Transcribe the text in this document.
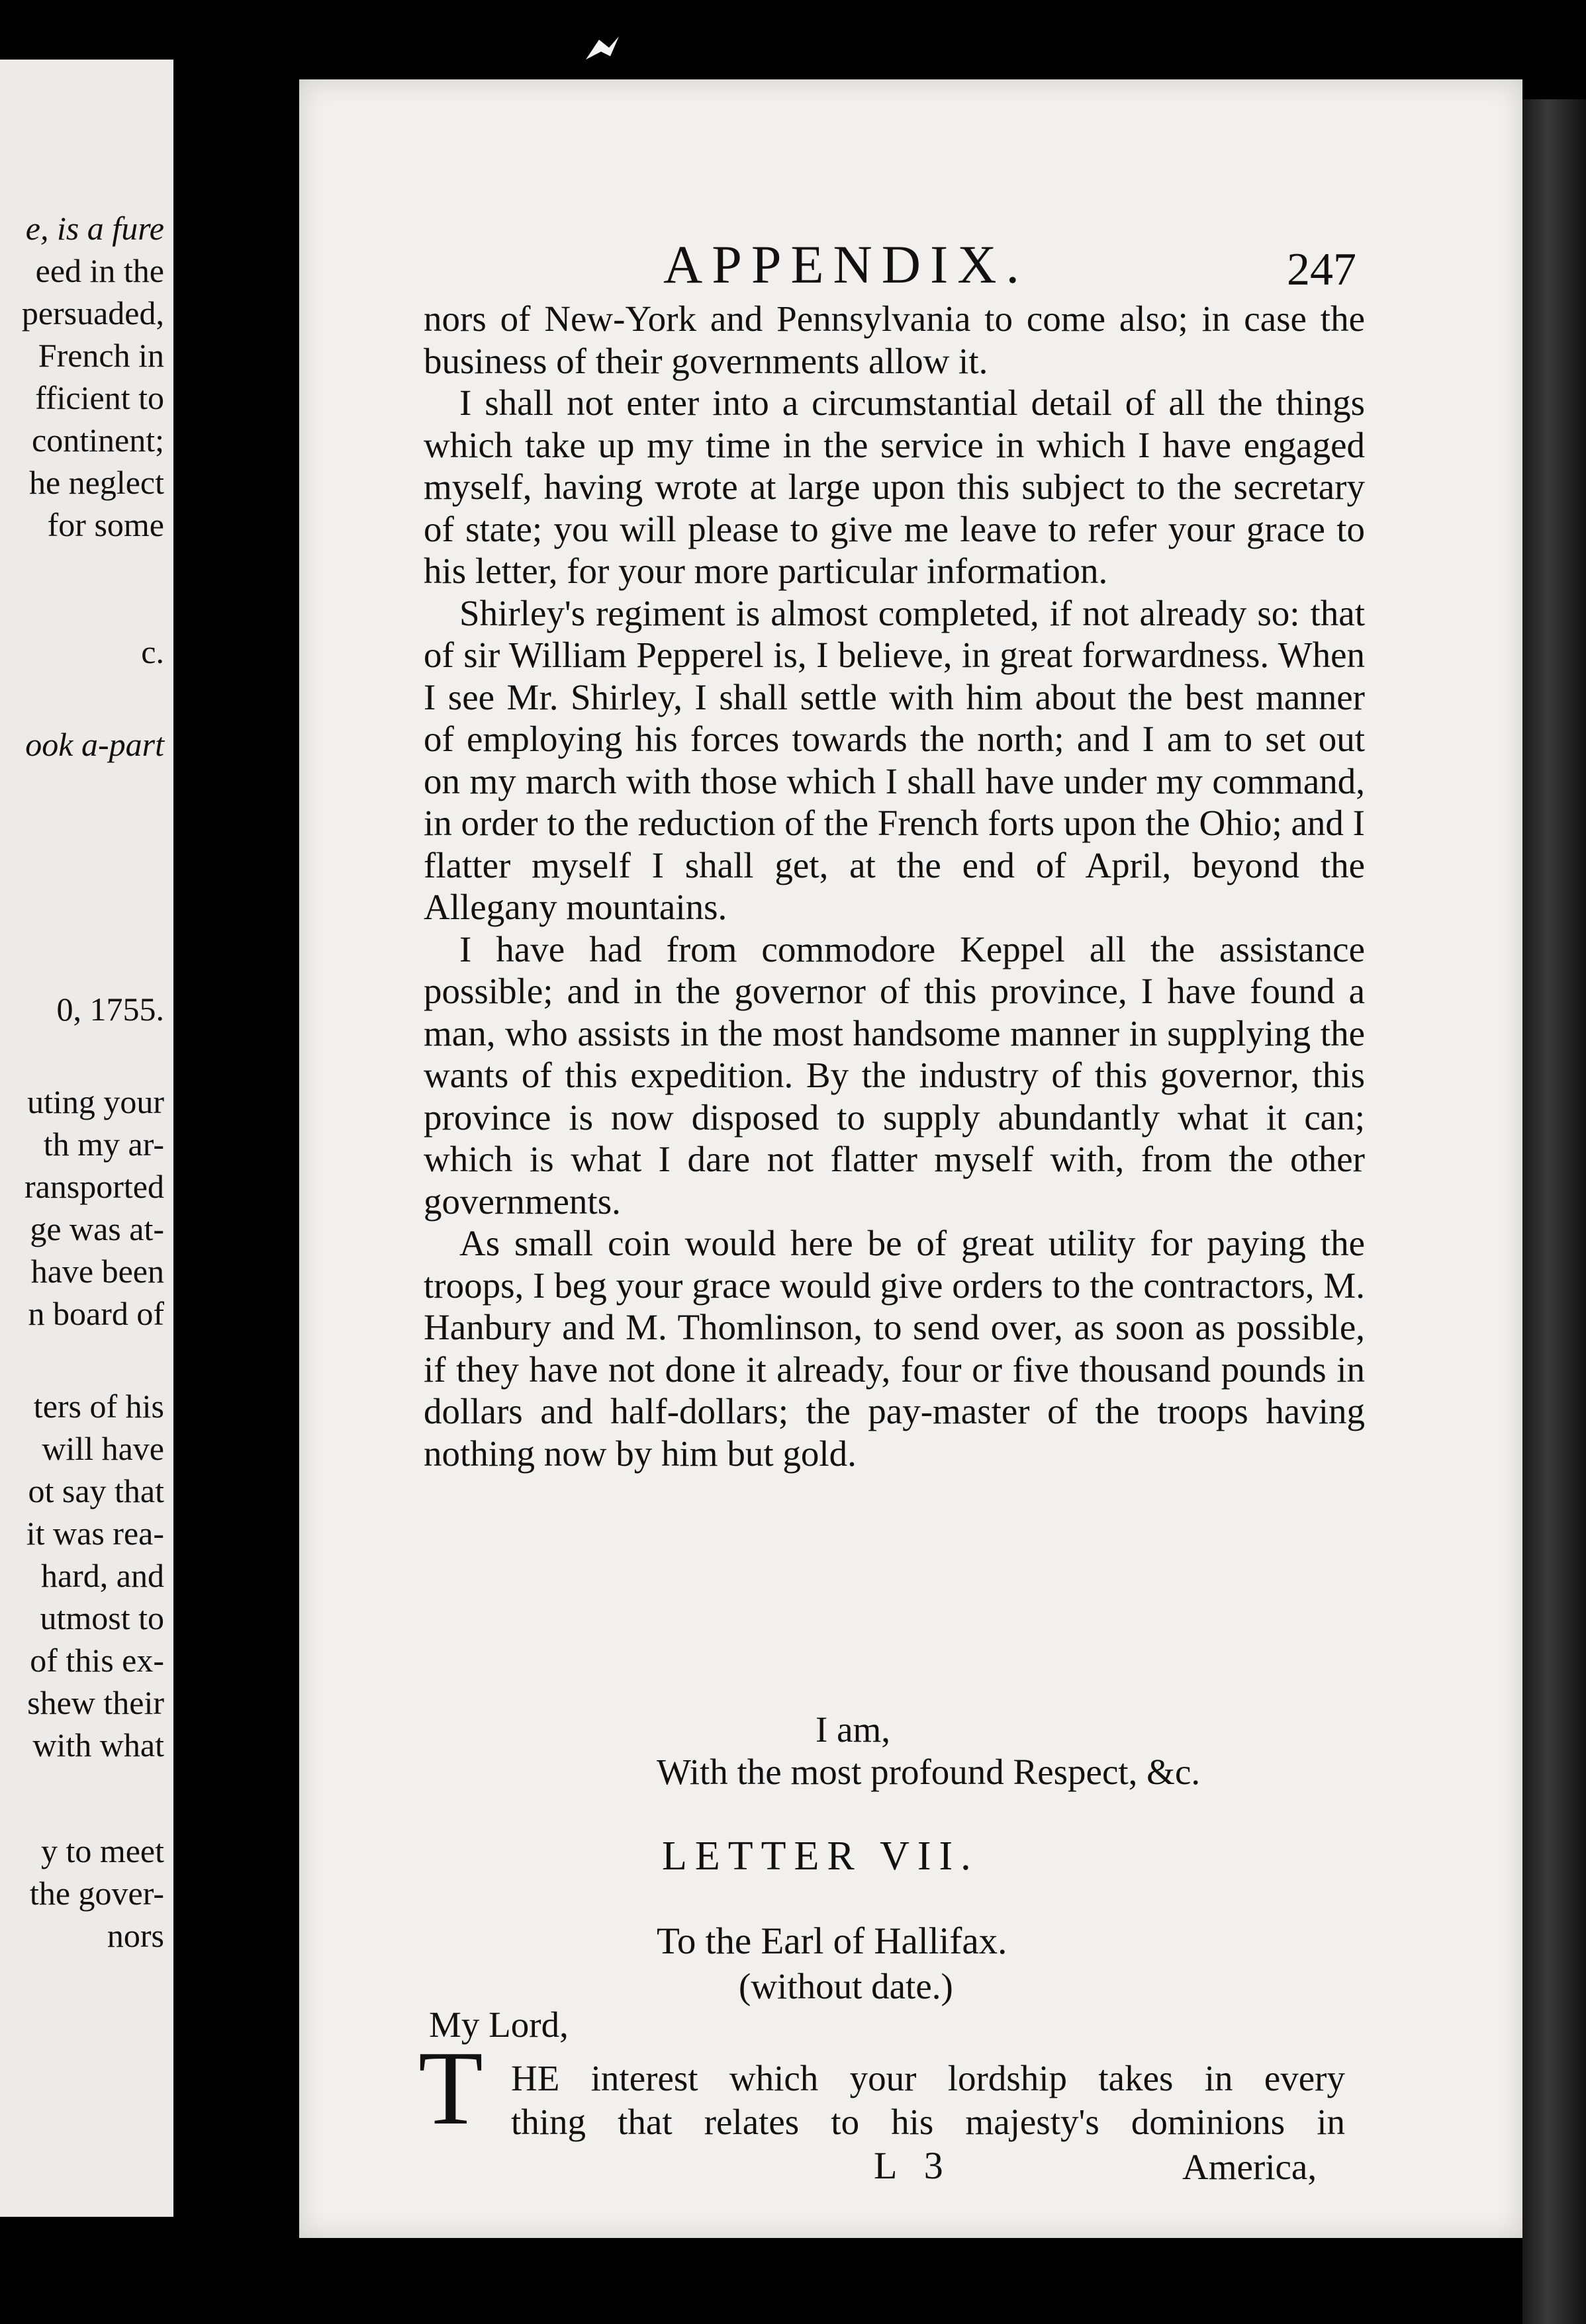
e, is a fure
eed in the
persuaded,
French in
fficient to
continent;
he neglect
for some
c.
ook a-part
0, 1755.
uting your
th my ar-
ransported
ge was at-
have been
n board of
ters of his
will have
ot say that
it was rea-
hard, and
utmost to
of this ex-
shew their
with what
y to meet
the gover-
nors
APPENDIX.	247

nors of New-York and Pennsylvania to come also; in case the business of their governments allow it.

I shall not enter into a circumstantial detail of all the things which take up my time in the service in which I have engaged myself, having wrote at large upon this subject to the secretary of state; you will please to give me leave to refer your grace to his letter, for your more particular information.

Shirley's regiment is almost completed, if not already so: that of sir William Pepperel is, I believe, in great forwardness. When I see Mr. Shirley, I shall settle with him about the best manner of employing his forces towards the north; and I am to set out on my march with those which I shall have under my command, in order to the reduction of the French forts upon the Ohio; and I flatter myself I shall get, at the end of April, beyond the Allegany mountains.

I have had from commodore Keppel all the assistance possible; and in the governor of this province, I have found a man, who assists in the most handsome manner in supplying the wants of this expedition. By the industry of this governor, this province is now disposed to supply abundantly what it can; which is what I dare not flatter myself with, from the other governments.

As small coin would here be of great utility for paying the troops, I beg your grace would give orders to the contractors, M. Hanbury and M. Thomlinson, to send over, as soon as possible, if they have not done it already, four or five thousand pounds in dollars and half-dollars; the pay-master of the troops having nothing now by him but gold.

I am,
With the most profound Respect, &c.
LETTER VII.
To the Earl of Hallifax.
(without date.)
My Lord,
T HE interest which your lordship takes in every
thing that relates to his majesty's dominions in
L 3	America,
